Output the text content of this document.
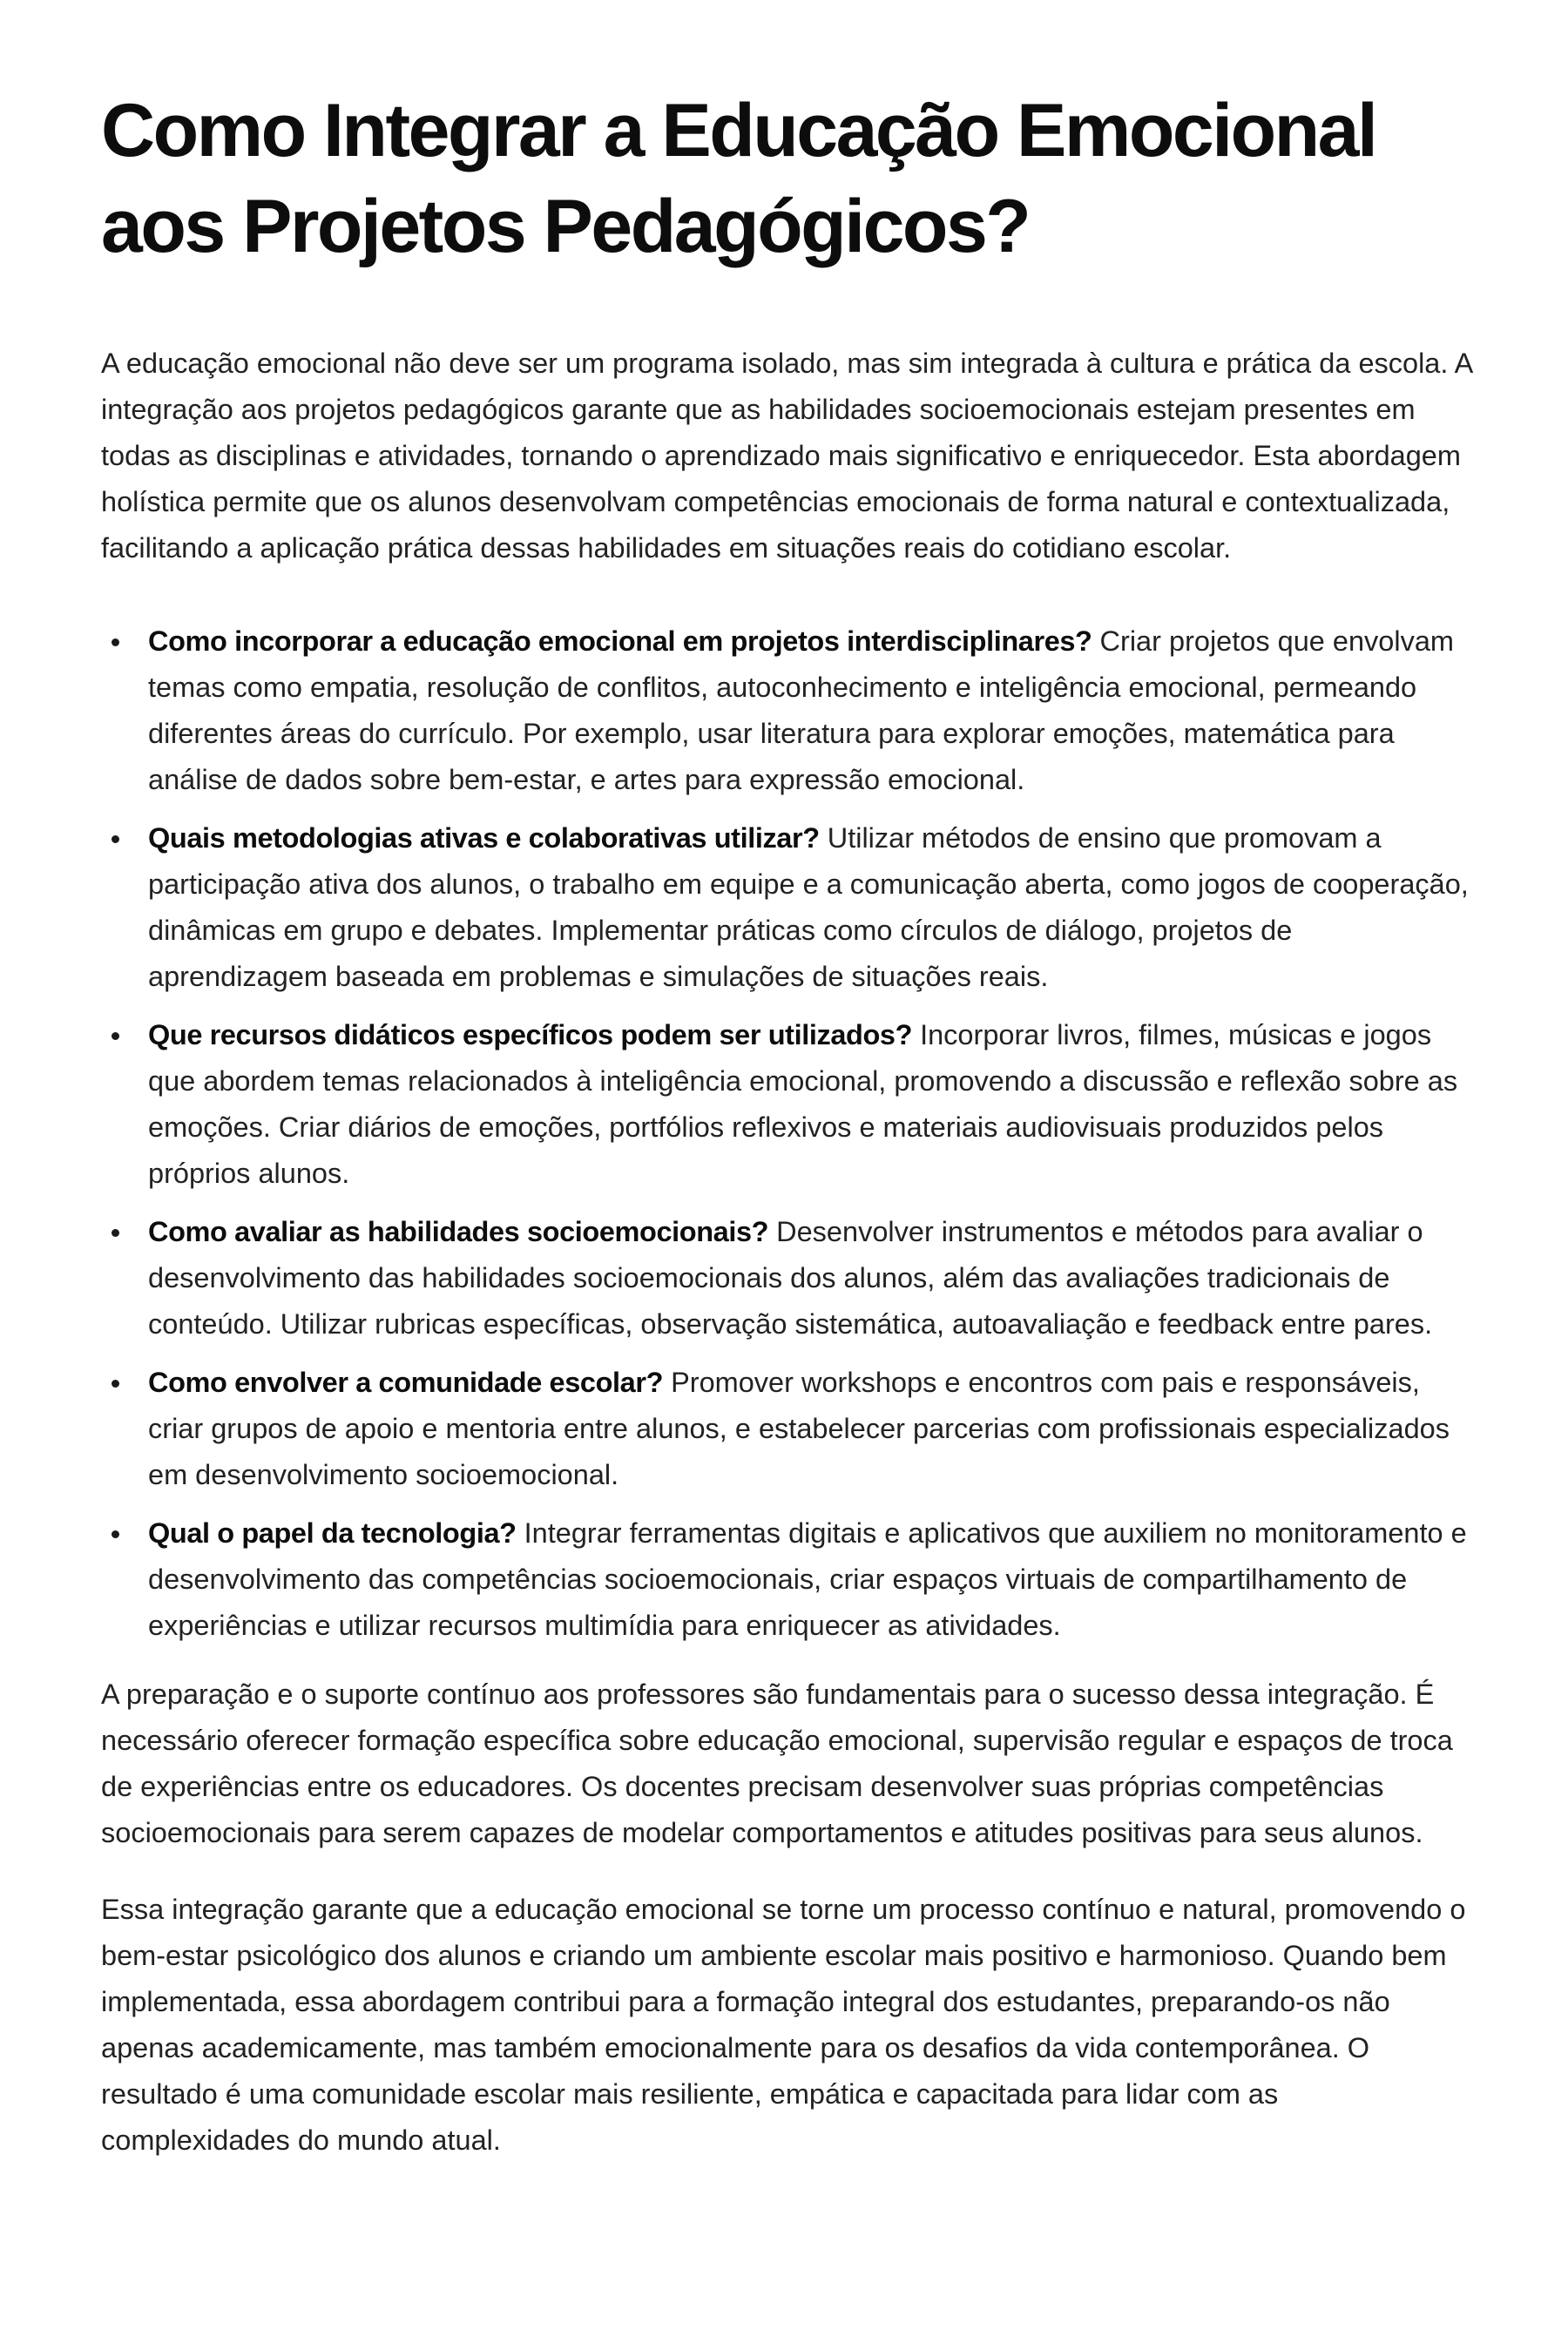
Como Integrar a Educação Emocional
aos Projetos Pedagógicos?

A educação emocional não deve ser um programa isolado, mas sim integrada à cultura e prática da escola. A integração aos projetos pedagógicos garante que as habilidades socioemocionais estejam presentes em todas as disciplinas e atividades, tornando o aprendizado mais significativo e enriquecedor. Esta abordagem holística permite que os alunos desenvolvam competências emocionais de forma natural e contextualizada, facilitando a aplicação prática dessas habilidades em situações reais do cotidiano escolar.

Como incorporar a educação emocional em projetos interdisciplinares? Criar projetos que envolvam temas como empatia, resolução de conflitos, autoconhecimento e inteligência emocional, permeando diferentes áreas do currículo. Por exemplo, usar literatura para explorar emoções, matemática para análise de dados sobre bem-estar, e artes para expressão emocional.
Quais metodologias ativas e colaborativas utilizar? Utilizar métodos de ensino que promovam a participação ativa dos alunos, o trabalho em equipe e a comunicação aberta, como jogos de cooperação, dinâmicas em grupo e debates. Implementar práticas como círculos de diálogo, projetos de aprendizagem baseada em problemas e simulações de situações reais.
Que recursos didáticos específicos podem ser utilizados? Incorporar livros, filmes, músicas e jogos que abordem temas relacionados à inteligência emocional, promovendo a discussão e reflexão sobre as emoções. Criar diários de emoções, portfólios reflexivos e materiais audiovisuais produzidos pelos próprios alunos.
Como avaliar as habilidades socioemocionais? Desenvolver instrumentos e métodos para avaliar o desenvolvimento das habilidades socioemocionais dos alunos, além das avaliações tradicionais de conteúdo. Utilizar rubricas específicas, observação sistemática, autoavaliação e feedback entre pares.
Como envolver a comunidade escolar? Promover workshops e encontros com pais e responsáveis, criar grupos de apoio e mentoria entre alunos, e estabelecer parcerias com profissionais especializados em desenvolvimento socioemocional.
Qual o papel da tecnologia? Integrar ferramentas digitais e aplicativos que auxiliem no monitoramento e desenvolvimento das competências socioemocionais, criar espaços virtuais de compartilhamento de experiências e utilizar recursos multimídia para enriquecer as atividades.

A preparação e o suporte contínuo aos professores são fundamentais para o sucesso dessa integração. É necessário oferecer formação específica sobre educação emocional, supervisão regular e espaços de troca de experiências entre os educadores. Os docentes precisam desenvolver suas próprias competências socioemocionais para serem capazes de modelar comportamentos e atitudes positivas para seus alunos.

Essa integração garante que a educação emocional se torne um processo contínuo e natural, promovendo o bem-estar psicológico dos alunos e criando um ambiente escolar mais positivo e harmonioso. Quando bem implementada, essa abordagem contribui para a formação integral dos estudantes, preparando-os não apenas academicamente, mas também emocionalmente para os desafios da vida contemporânea. O resultado é uma comunidade escolar mais resiliente, empática e capacitada para lidar com as complexidades do mundo atual.
